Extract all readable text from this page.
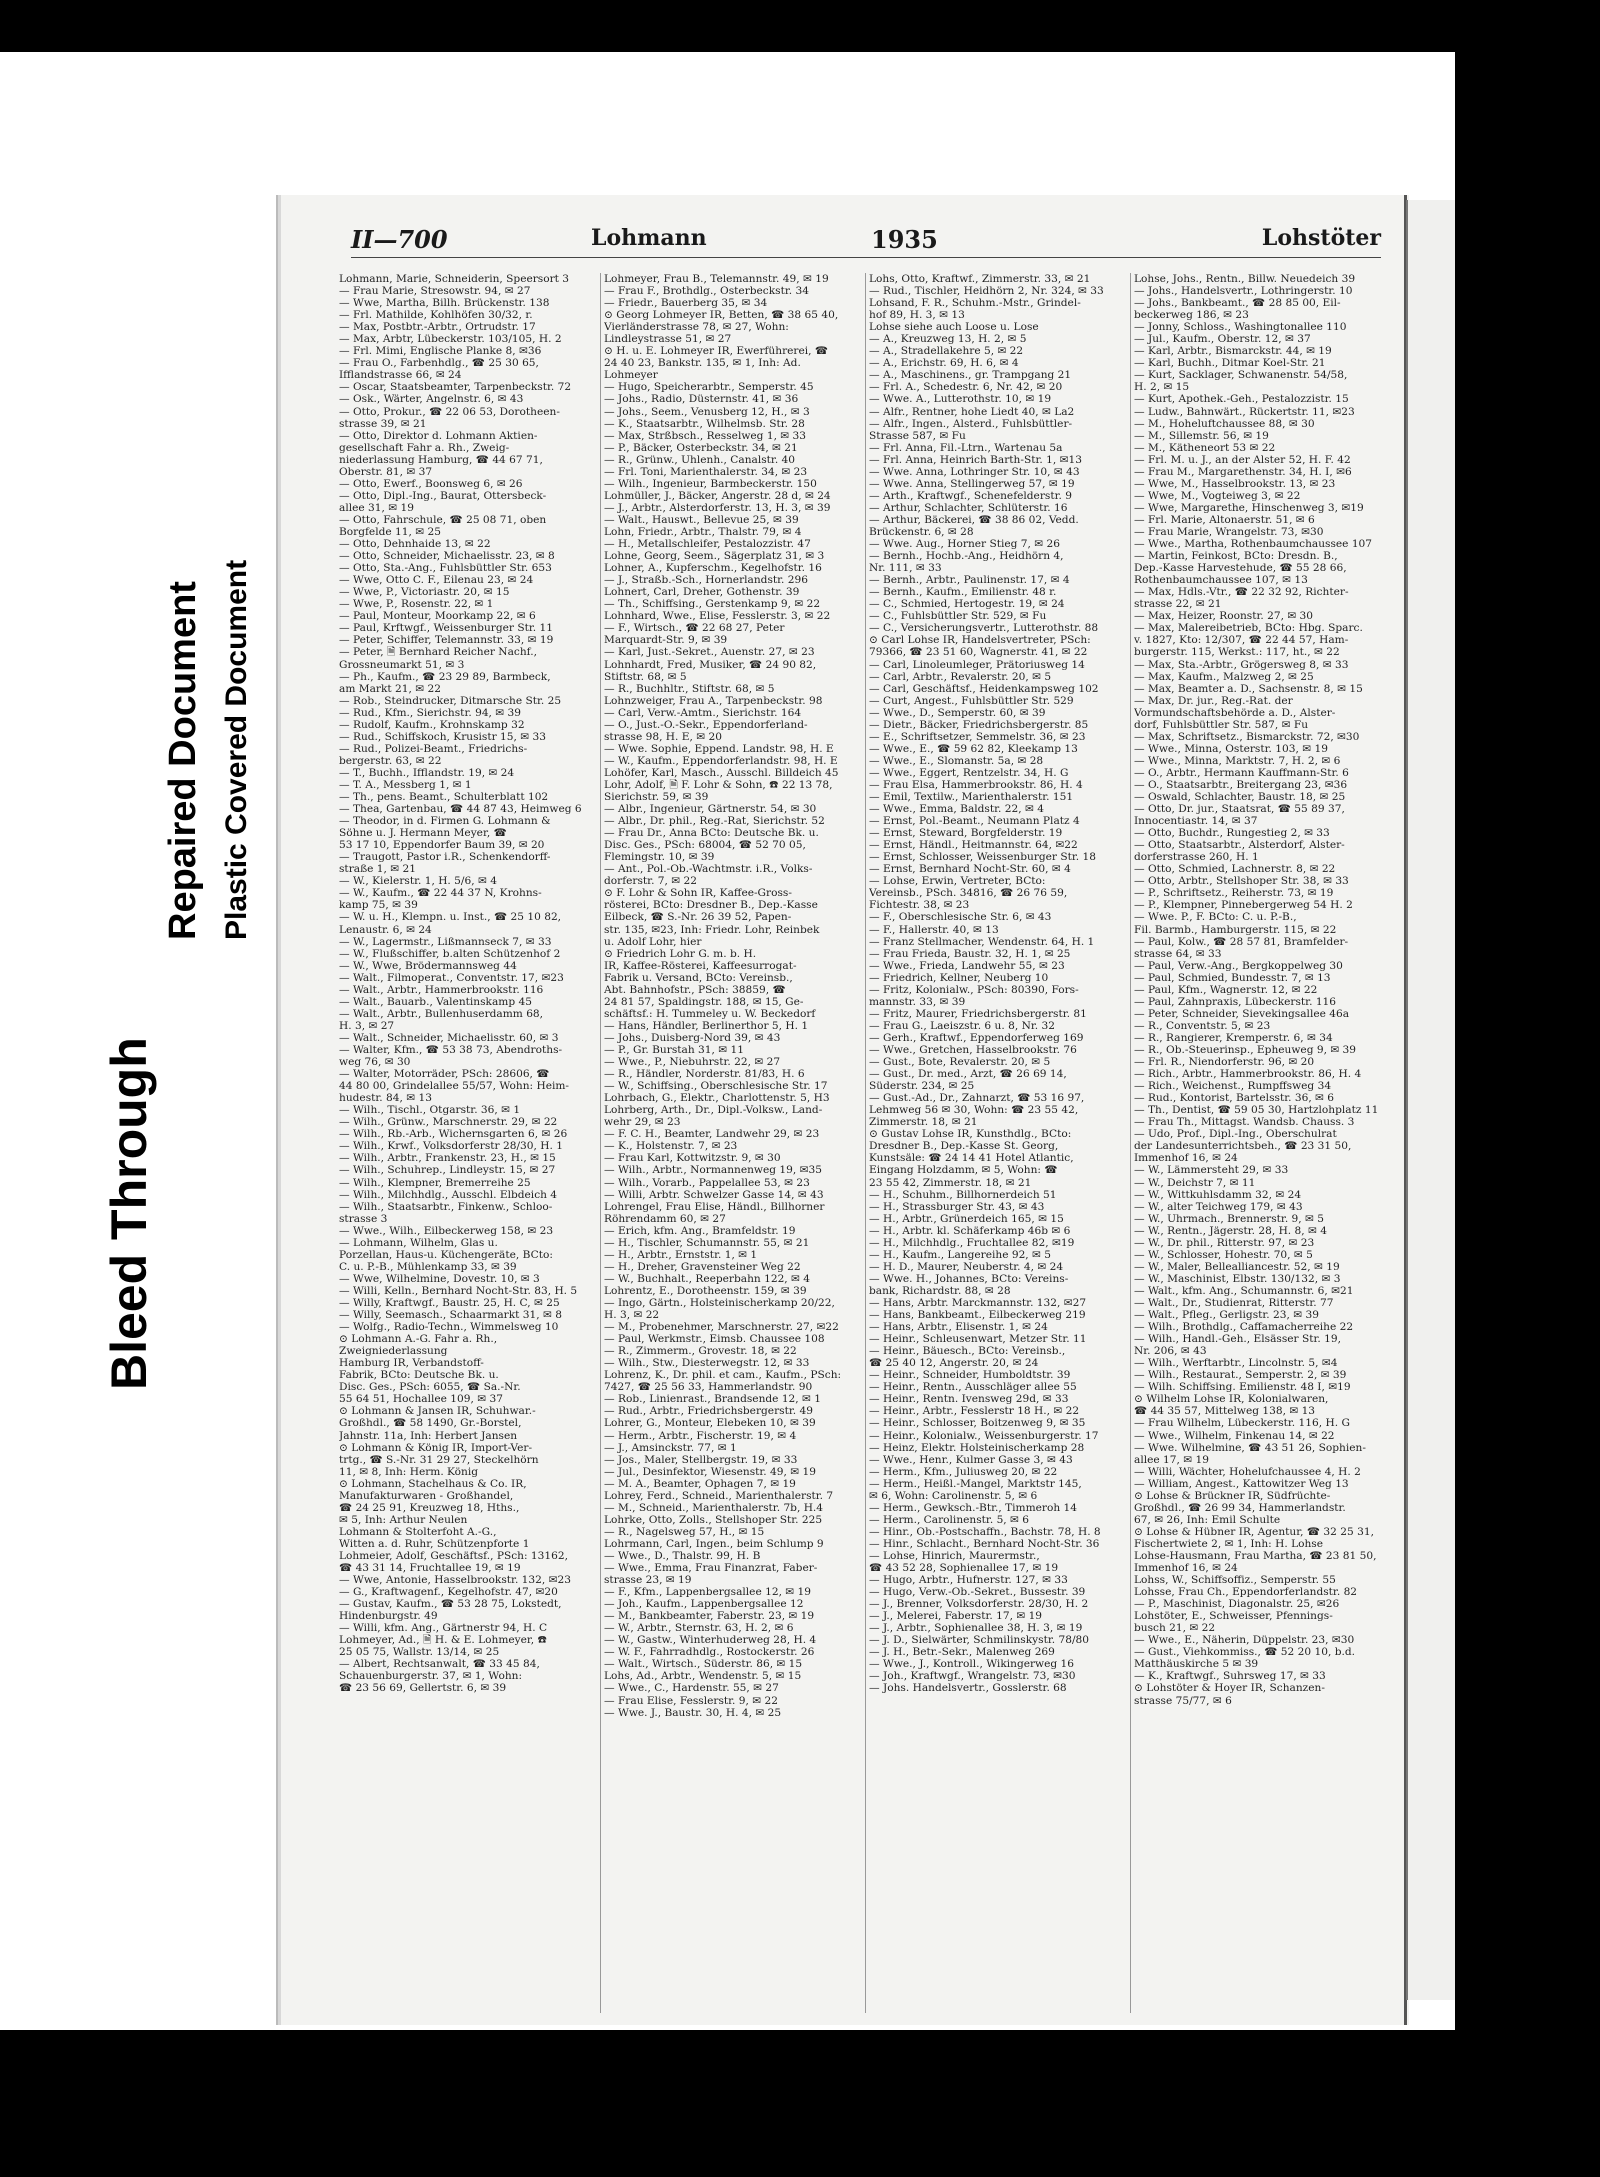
Bleed Through
Repaired Document Plastic Covered Document
II—700	Lohmann	1935	Lohstöter
Lohmann, Marie, Schneiderin, Speersort 3
— Frau Marie, Stresowstr. 94, ✉ 27
— Wwe, Martha, Billh. Brückenstr. 138
— Frl. Mathilde, Kohlhöfen 30/32, r.
— Max, Postbtr.-Arbtr., Ortrudstr. 17
— Max, Arbtr, Lübeckerstr. 103/105, H. 2
— Frl. Mimi, Englische Planke 8, ✉36
— Frau O., Farbenhdlg., ☎ 25 30 65,
Ifflandstrasse 66, ✉ 24
— Oscar, Staatsbeamter, Tarpenbeckstr. 72
— Osk., Wärter, Angelnstr. 6, ✉ 43
— Otto, Prokur., ☎ 22 06 53, Dorotheen-
strasse 39, ✉ 21
— Otto, Direktor d. Lohmann Aktien-
gesellschaft Fahr a. Rh., Zweig-
niederlassung Hamburg, ☎ 44 67 71,
Oberstr. 81, ✉ 37
— Otto, Ewerf., Boonsweg 6, ✉ 26
— Otto, Dipl.-Ing., Baurat, Ottersbeck-
allee 31, ✉ 19
— Otto, Fahrschule, ☎ 25 08 71, oben
Borgfelde 11, ✉ 25
— Otto, Dehnhaide 13, ✉ 22
— Otto, Schneider, Michaelisstr. 23, ✉ 8
— Otto, Sta.-Ang., Fuhlsbüttler Str. 653
— Wwe, Otto C. F., Eilenau 23, ✉ 24
— Wwe, P., Victoriastr. 20, ✉ 15
— Wwe, P., Rosenstr. 22, ✉ 1
— Paul, Monteur, Moorkamp 22, ✉ 6
— Paul, Krftwgf., Weissenburger Str. 11
— Peter, Schiffer, Telemannstr. 33, ✉ 19
— Peter, 🗎 Bernhard Reicher Nachf.,
Grossneumarkt 51, ✉ 3
— Ph., Kaufm., ☎ 23 29 89, Barmbeck,
am Markt 21, ✉ 22
— Rob., Steindrucker, Ditmarsche Str. 25
— Rud., Kfm., Sierichstr. 94, ✉ 39
— Rudolf, Kaufm., Krohnskamp 32
— Rud., Schiffskoch, Krusistr 15, ✉ 33
— Rud., Polizei-Beamt., Friedrichs-
bergerstr. 63, ✉ 22
— T., Buchh., Ifflandstr. 19, ✉ 24
— T. A., Messberg 1, ✉ 1
— Th., pens. Beamt., Schulterblatt 102
— Thea, Gartenbau, ☎ 44 87 43, Heimweg 6
— Theodor, in d. Firmen G. Lohmann &
Söhne u. J. Hermann Meyer, ☎
53 17 10, Eppendorfer Baum 39, ✉ 20
— Traugott, Pastor i.R., Schenkendorff-
straße 1, ✉ 21
— W., Kielerstr. 1, H. 5/6, ✉ 4
— W., Kaufm., ☎ 22 44 37 N, Krohns-
kamp 75, ✉ 39
— W. u. H., Klempn. u. Inst., ☎ 25 10 82,
Lenaustr. 6, ✉ 24
— W., Lagermstr., Lißmannseck 7, ✉ 33
— W., Flußschiffer, b.alten Schützenhof 2
— W., Wwe, Brödermannsweg 44
— Walt., Filmoperat., Conventstr. 17, ✉23
— Walt., Arbtr., Hammerbrookstr. 116
— Walt., Bauarb., Valentinskamp 45
— Walt., Arbtr., Bullenhuserdamm 68,
H. 3, ✉ 27
— Walt., Schneider, Michaelisstr. 60, ✉ 3
— Walter, Kfm., ☎ 53 38 73, Abendroths-
weg 76, ✉ 30
— Walter, Motorräder, PSch: 28606, ☎
44 80 00, Grindelallee 55/57, Wohn: Heim-
hudestr. 84, ✉ 13
— Wilh., Tischl., Otgarstr. 36, ✉ 1
— Wilh., Grünw., Marschnerstr. 29, ✉ 22
— Wilh., Rb.-Arb., Wichernsgarten 6, ✉ 26
— Wilh., Krwf., Volksdorferstr 28/30, H. 1
— Wilh., Arbtr., Frankenstr. 23, H., ✉ 15
— Wilh., Schuhrep., Lindleystr. 15, ✉ 27
— Wilh., Klempner, Bremerreihe 25
— Wilh., Milchhdlg., Ausschl. Elbdeich 4
— Wilh., Staatsarbtr., Finkenw., Schloo-
strasse 3
— Wwe., Wilh., Eilbeckerweg 158, ✉ 23
— Lohmann, Wilhelm, Glas u.
Porzellan, Haus-u. Küchengeräte, BCto:
C. u. P.-B., Mühlenkamp 33, ✉ 39
— Wwe, Wilhelmine, Dovestr. 10, ✉ 3
— Willi, Kelln., Bernhard Nocht-Str. 83, H. 5
— Willy, Kraftwgf., Baustr. 25, H. C, ✉ 25
— Willy, Seemasch., Schaarmarkt 31, ✉ 8
— Wolfg., Radio-Techn., Wimmelsweg 10
⊙ Lohmann A.-G. Fahr a. Rh.,
Zweigniederlassung
Hamburg IR, Verbandstoff-
Fabrik, BCto: Deutsche Bk. u.
Disc. Ges., PSch: 6055, ☎ Sa.-Nr.
55 64 51, Hochallee 109, ✉ 37
⊙ Lohmann & Jansen IR, Schuhwar.-
Großhdl., ☎ 58 1490, Gr.-Borstel,
Jahnstr. 11a, Inh: Herbert Jansen
⊙ Lohmann & König IR, Import-Ver-
trtg., ☎ S.-Nr. 31 29 27, Steckelhörn
11, ✉ 8, Inh: Herm. König
⊙ Lohmann, Stachelhaus & Co. IR,
Manufakturwaren - Großhandel,
☎ 24 25 91, Kreuzweg 18, Hths.,
✉ 5, Inh: Arthur Neulen
Lohmann & Stolterfoht A.-G.,
Witten a. d. Ruhr, Schützenpforte 1
Lohmeier, Adolf, Geschäftsf., PSch: 13162,
☎ 43 31 14, Fruchtallee 19, ✉ 19
— Wwe, Antonie, Hasselbrookstr. 132, ✉23
— G., Kraftwagenf., Kegelhofstr. 47, ✉20
— Gustav, Kaufm., ☎ 53 28 75, Lokstedt,
Hindenburgstr. 49
— Willi, kfm. Ang., Gärtnerstr 94, H. C
Lohmeyer, Ad., 🗎 H. & E. Lohmeyer, ☎
25 05 75, Wallstr. 13/14, ✉ 25
— Albert, Rechtsanwalt, ☎ 33 45 84,
Schauenburgerstr. 37, ✉ 1, Wohn:
☎ 23 56 69, Gellertstr. 6, ✉ 39
Lohmeyer, Frau B., Telemannstr. 49, ✉ 19
— Frau F., Brothdlg., Osterbeckstr. 34
— Friedr., Bauerberg 35, ✉ 34
⊙ Georg Lohmeyer IR, Betten, ☎ 38 65 40,
Vierländerstrasse 78, ✉ 27, Wohn:
Lindleystrasse 51, ✉ 27
⊙ H. u. E. Lohmeyer IR, Ewerführerei, ☎
24 40 23, Bankstr. 135, ✉ 1, Inh: Ad.
Lohmeyer
— Hugo, Speicherarbtr., Semperstr. 45
— Johs., Radio, Düsternstr. 41, ✉ 36
— Johs., Seem., Venusberg 12, H., ✉ 3
— K., Staatsarbtr., Wilhelmsb. Str. 28
— Max, Strßbsch., Resselweg 1, ✉ 33
— P., Bäcker, Osterbeckstr. 34, ✉ 21
— R., Grünw., Uhlenh., Canalstr. 40
— Frl. Toni, Marienthalerstr. 34, ✉ 23
— Wilh., Ingenieur, Barmbeckerstr. 150
Lohmüller, J., Bäcker, Angerstr. 28 d, ✉ 24
— J., Arbtr., Alsterdorferstr. 13, H. 3, ✉ 39
— Walt., Hauswt., Bellevue 25, ✉ 39
Lohn, Friedr., Arbtr., Thalstr. 79, ✉ 4
— H., Metallschleifer, Pestalozzistr. 47
Lohne, Georg, Seem., Sägerplatz 31, ✉ 3
Lohner, A., Kupferschm., Kegelhofstr. 16
— J., Straßb.-Sch., Hornerlandstr. 296
Lohnert, Carl, Dreher, Gothenstr. 39
— Th., Schiffsing., Gerstenkamp 9, ✉ 22
Lohnhard, Wwe., Elise, Fesslerstr. 3, ✉ 22
— F., Wirtsch., ☎ 22 68 27, Peter
Marquardt-Str. 9, ✉ 39
— Karl, Just.-Sekret., Auenstr. 27, ✉ 23
Lohnhardt, Fred, Musiker, ☎ 24 90 82,
Stiftstr. 68, ✉ 5
— R., Buchhltr., Stiftstr. 68, ✉ 5
Lohnzweiger, Frau A., Tarpenbeckstr. 98
— Carl, Verw.-Amtm., Sierichstr. 164
— O., Just.-O.-Sekr., Eppendorferland-
strasse 98, H. E, ✉ 20
— Wwe. Sophie, Eppend. Landstr. 98, H. E
— W., Kaufm., Eppendorferlandstr. 98, H. E
Lohöfer, Karl, Masch., Ausschl. Billdeich 45
Lohr, Adolf, 🗎 F. Lohr & Sohn, ☎ 22 13 78,
Sierichstr. 59, ✉ 39
— Albr., Ingenieur, Gärtnerstr. 54, ✉ 30
— Albr., Dr. phil., Reg.-Rat, Sierichstr. 52
— Frau Dr., Anna BCto: Deutsche Bk. u.
Disc. Ges., PSch: 68004, ☎ 52 70 05,
Flemingstr. 10, ✉ 39
— Ant., Pol.-Ob.-Wachtmstr. i.R., Volks-
dorferstr. 7, ✉ 22
⊙ F. Lohr & Sohn IR, Kaffee-Gross-
rösterei, BCto: Dresdner B., Dep.-Kasse
Eilbeck, ☎ S.-Nr. 26 39 52, Papen-
str. 135, ✉23, Inh: Friedr. Lohr, Reinbek
u. Adolf Lohr, hier
⊙ Friedrich Lohr G. m. b. H.
IR, Kaffee-Rösterei, Kaffeesurrogat-
Fabrik u. Versand, BCto: Vereinsb.,
Abt. Bahnhofstr., PSch: 38859, ☎
24 81 57, Spaldingstr. 188, ✉ 15, Ge-
schäftsf.: H. Tummeley u. W. Beckedorf
— Hans, Händler, Berlinerthor 5, H. 1
— Johs., Duisberg-Nord 39, ✉ 43
— P., Gr. Burstah 31, ✉ 11
— Wwe., P., Niebuhrstr. 22, ✉ 27
— R., Händler, Norderstr. 81/83, H. 6
— W., Schiffsing., Oberschlesische Str. 17
Lohrbach, G., Elektr., Charlottenstr. 5, H3
Lohrberg, Arth., Dr., Dipl.-Volksw., Land-
wehr 29, ✉ 23
— F. C. H., Beamter, Landwehr 29, ✉ 23
— K., Holstenstr. 7, ✉ 23
— Frau Karl, Kottwitzstr. 9, ✉ 30
— Wilh., Arbtr., Normannenweg 19, ✉35
— Wilh., Vorarb., Pappelallee 53, ✉ 23
— Willi, Arbtr. Schwelzer Gasse 14, ✉ 43
Lohrengel, Frau Elise, Händl., Billhorner
Röhrendamm 60, ✉ 27
— Erich, kfm. Ang., Bramfeldstr. 19
— H., Tischler, Schumannstr. 55, ✉ 21
— H., Arbtr., Ernststr. 1, ✉ 1
— H., Dreher, Gravensteiner Weg 22
— W., Buchhalt., Reeperbahn 122, ✉ 4
Lohrentz, E., Dorotheenstr. 159, ✉ 39
— Ingo, Gärtn., Holsteinischerkamp 20/22,
H. 3, ✉ 22
— M., Probenehmer, Marschnerstr. 27, ✉22
— Paul, Werkmstr., Eimsb. Chaussee 108
— R., Zimmerm., Grovestr. 18, ✉ 22
— Wilh., Stw., Diesterwegstr. 12, ✉ 33
Lohrenz, K., Dr. phil. et cam., Kaufm., PSch:
7427, ☎ 25 56 33, Hammerlandstr. 90
— Rob., Linienrast., Brandsende 12, ✉ 1
— Rud., Arbtr., Friedrichsbergerstr. 49
Lohrer, G., Monteur, Elebeken 10, ✉ 39
— Herm., Arbtr., Fischerstr. 19, ✉ 4
— J., Amsinckstr. 77, ✉ 1
— Jos., Maler, Stellbergstr. 19, ✉ 33
— Jul., Desinfektor, Wiesenstr. 49, ✉ 19
— M. A., Beamter, Ophagen 7, ✉ 19
Lohrey, Ferd., Schneid., Marienthalerstr. 7
— M., Schneid., Marienthalerstr. 7b, H.4
Lohrke, Otto, Zolls., Stellshoper Str. 225
— R., Nagelsweg 57, H., ✉ 15
Lohrmann, Carl, Ingen., beim Schlump 9
— Wwe., D., Thalstr. 99, H. B
— Wwe., Emma, Frau Finanzrat, Faber-
strasse 23, ✉ 19
— F., Kfm., Lappenbergsallee 12, ✉ 19
— Joh., Kaufm., Lappenbergsallee 12
— M., Bankbeamter, Faberstr. 23, ✉ 19
— W., Arbtr., Sternstr. 63, H. 2, ✉ 6
— W., Gastw., Winterhuderweg 28, H. 4
— W. F., Fahrradhdlg., Rostockerstr. 26
— Walt., Wirtsch., Süderstr. 86, ✉ 15
Lohs, Ad., Arbtr., Wendenstr. 5, ✉ 15
— Wwe., C., Hardenstr. 55, ✉ 27
— Frau Elise, Fesslerstr. 9, ✉ 22
— Wwe. J., Baustr. 30, H. 4, ✉ 25
Lohs, Otto, Kraftwf., Zimmerstr. 33, ✉ 21
— Rud., Tischler, Heidhörn 2, Nr. 324, ✉ 33
Lohsand, F. R., Schuhm.-Mstr., Grindel-
hof 89, H. 3, ✉ 13
Lohse siehe auch Loose u. Lose
— A., Kreuzweg 13, H. 2, ✉ 5
— A., Stradellakehre 5, ✉ 22
— A., Erichstr. 69, H. 6, ✉ 4
— A., Maschinens., gr. Trampgang 21
— Frl. A., Schedestr. 6, Nr. 42, ✉ 20
— Wwe. A., Lutterothstr. 10, ✉ 19
— Alfr., Rentner, hohe Liedt 40, ✉ La2
— Alfr., Ingen., Alsterd., Fuhlsbüttler-
Strasse 587, ✉ Fu
— Frl. Anna, Fil.-Ltrn., Wartenau 5a
— Frl. Anna, Heinrich Barth-Str. 1, ✉13
— Wwe. Anna, Lothringer Str. 10, ✉ 43
— Wwe. Anna, Stellingerweg 57, ✉ 19
— Arth., Kraftwgf., Schenefelderstr. 9
— Arthur, Schlachter, Schlüterstr. 16
— Arthur, Bäckerei, ☎ 38 86 02, Vedd.
Brückenstr. 6, ✉ 28
— Wwe. Aug., Horner Stieg 7, ✉ 26
— Bernh., Hochb.-Ang., Heidhörn 4,
Nr. 111, ✉ 33
— Bernh., Arbtr., Paulinenstr. 17, ✉ 4
— Bernh., Kaufm., Emilienstr. 48 r.
— C., Schmied, Hertogestr. 19, ✉ 24
— C., Fuhlsbüttler Str. 529, ✉ Fu
— C., Versicherungsvertr., Lutterothstr. 88
⊙ Carl Lohse IR, Handelsvertreter, PSch:
79366, ☎ 23 51 60, Wagnerstr. 41, ✉ 22
— Carl, Linoleumleger, Prätoriusweg 14
— Carl, Arbtr., Revalerstr. 20, ✉ 5
— Carl, Geschäftsf., Heidenkampsweg 102
— Curt, Angest., Fuhlsbüttler Str. 529
— Wwe., D., Semperstr. 60, ✉ 39
— Dietr., Bäcker, Friedrichsbergerstr. 85
— E., Schriftsetzer, Semmelstr. 36, ✉ 23
— Wwe., E., ☎ 59 62 82, Kleekamp 13
— Wwe., E., Slomanstr. 5a, ✉ 28
— Wwe., Eggert, Rentzelstr. 34, H. G
— Frau Elsa, Hammerbrookstr. 86, H. 4
— Emil, Textilw., Marienthalerstr. 151
— Wwe., Emma, Baldstr. 22, ✉ 4
— Ernst, Pol.-Beamt., Neumann Platz 4
— Ernst, Steward, Borgfelderstr. 19
— Ernst, Händl., Heitmannstr. 64, ✉22
— Ernst, Schlosser, Weissenburger Str. 18
— Ernst, Bernhard Nocht-Str. 60, ✉ 4
— Lohse, Erwin, Vertreter, BCto:
Vereinsb., PSch. 34816, ☎ 26 76 59,
Fichtestr. 38, ✉ 23
— F., Oberschlesische Str. 6, ✉ 43
— F., Hallerstr. 40, ✉ 13
— Franz Stellmacher, Wendenstr. 64, H. 1
— Frau Frieda, Baustr. 32, H. 1, ✉ 25
— Wwe., Frieda, Landwehr 55, ✉ 23
— Friedrich, Kellner, Neuberg 10
— Fritz, Kolonialw., PSch: 80390, Fors-
mannstr. 33, ✉ 39
— Fritz, Maurer, Friedrichsbergerstr. 81
— Frau G., Laeiszstr. 6 u. 8, Nr. 32
— Gerh., Kraftwf., Eppendorferweg 169
— Wwe., Gretchen, Hasselbrookstr. 76
— Gust., Bote, Revalerstr. 20, ✉ 5
— Gust., Dr. med., Arzt, ☎ 26 69 14,
Süderstr. 234, ✉ 25
— Gust.-Ad., Dr., Zahnarzt, ☎ 53 16 97,
Lehmweg 56 ✉ 30, Wohn: ☎ 23 55 42,
Zimmerstr. 18, ✉ 21
⊙ Gustav Lohse IR, Kunsthdlg., BCto:
Dresdner B., Dep.-Kasse St. Georg,
Kunstsäle: ☎ 24 14 41 Hotel Atlantic,
Eingang Holzdamm, ✉ 5, Wohn: ☎
23 55 42, Zimmerstr. 18, ✉ 21
— H., Schuhm., Billhornerdeich 51
— H., Strassburger Str. 43, ✉ 43
— H., Arbtr., Grünerdeich 165, ✉ 15
— H., Arbtr. kl. Schäferkamp 46b ✉ 6
— H., Milchhdlg., Fruchtallee 82, ✉19
— H., Kaufm., Langereihe 92, ✉ 5
— H. D., Maurer, Neuberstr. 4, ✉ 24
— Wwe. H., Johannes, BCto: Vereins-
bank, Richardstr. 88, ✉ 28
— Hans, Arbtr. Marckmannstr. 132, ✉27
— Hans, Bankbeamt., Eilbeckerweg 219
— Hans, Arbtr., Elisenstr. 1, ✉ 24
— Heinr., Schleusenwart, Metzer Str. 11
— Heinr., Bäuesch., BCto: Vereinsb.,
☎ 25 40 12, Angerstr. 20, ✉ 24
— Heinr., Schneider, Humboldtstr. 39
— Heinr., Rentn., Ausschläger allee 55
— Heinr., Rentn. Ivensweg 29d, ✉ 33
— Heinr., Arbtr., Fesslerstr 18 H., ✉ 22
— Heinr., Schlosser, Boitzenweg 9, ✉ 35
— Heinr., Kolonialw., Weissenburgerstr. 17
— Heinz, Elektr. Holsteinischerkamp 28
— Wwe., Henr., Kulmer Gasse 3, ✉ 43
— Herm., Kfm., Juliusweg 20, ✉ 22
— Herm., Heißl.-Mangel, Marktstr 145,
✉ 6, Wohn: Carolinenstr. 5, ✉ 6
— Herm., Gewksch.-Btr., Timmeroh 14
— Herm., Carolinenstr. 5, ✉ 6
— Hinr., Ob.-Postschaffn., Bachstr. 78, H. 8
— Hinr., Schlacht., Bernhard Nocht-Str. 36
— Lohse, Hinrich, Maurermstr.,
☎ 43 52 28, Sophienallee 17, ✉ 19
— Hugo, Arbtr., Hufnerstr. 127, ✉ 33
— Hugo, Verw.-Ob.-Sekret., Bussestr. 39
— J., Brenner, Volksdorferstr. 28/30, H. 2
— J., Melerei, Faberstr. 17, ✉ 19
— J., Arbtr., Sophienallee 38, H. 3, ✉ 19
— J. D., Sielwärter, Schmilinskystr. 78/80
— J. H., Betr.-Sekr., Malenweg 269
— Wwe., J., Kontroll., Wikingerweg 16
— Joh., Kraftwgf., Wrangelstr. 73, ✉30
— Johs. Handelsvertr., Gosslerstr. 68
Lohse, Johs., Rentn., Billw. Neuedeich 39
— Johs., Handelsvertr., Lothringerstr. 10
— Johs., Bankbeamt., ☎ 28 85 00, Eil-
beckerweg 186, ✉ 23
— Jonny, Schloss., Washingtonallee 110
— Jul., Kaufm., Oberstr. 12, ✉ 37
— Karl, Arbtr., Bismarckstr. 44, ✉ 19
— Karl, Buchh., Ditmar Koel-Str. 21
— Kurt, Sacklager, Schwanenstr. 54/58,
H. 2, ✉ 15
— Kurt, Apothek.-Geh., Pestalozzistr. 15
— Ludw., Bahnwärt., Rückertstr. 11, ✉23
— M., Hoheluftchaussee 88, ✉ 30
— M., Sillemstr. 56, ✉ 19
— M., Kätheneort 53 ✉ 22
— Frl. M. u. J., an der Alster 52, H. F. 42
— Frau M., Margarethenstr. 34, H. I, ✉6
— Wwe, M., Hasselbrookstr. 13, ✉ 23
— Wwe, M., Vogteiweg 3, ✉ 22
— Wwe, Margarethe, Hinschenweg 3, ✉19
— Frl. Marie, Altonaerstr. 51, ✉ 6
— Frau Marie, Wrangelstr. 73, ✉30
— Wwe., Martha, Rothenbaumchaussee 107
— Martin, Feinkost, BCto: Dresdn. B.,
Dep.-Kasse Harvestehude, ☎ 55 28 66,
Rothenbaumchaussee 107, ✉ 13
— Max, Hdls.-Vtr., ☎ 22 32 92, Richter-
strasse 22, ✉ 21
— Max, Heizer, Roonstr. 27, ✉ 30
— Max, Malereibetrieb, BCto: Hbg. Sparc.
v. 1827, Kto: 12/307, ☎ 22 44 57, Ham-
burgerstr. 115, Werkst.: 117, ht., ✉ 22
— Max, Sta.-Arbtr., Grögersweg 8, ✉ 33
— Max, Kaufm., Malzweg 2, ✉ 25
— Max, Beamter a. D., Sachsenstr. 8, ✉ 15
— Max, Dr. jur., Reg.-Rat. der
Vormundschaftsbehörde a. D., Alster-
dorf, Fuhlsbüttler Str. 587, ✉ Fu
— Max, Schriftsetz., Bismarckstr. 72, ✉30
— Wwe., Minna, Osterstr. 103, ✉ 19
— Wwe., Minna, Marktstr. 7, H. 2, ✉ 6
— O., Arbtr., Hermann Kauffmann-Str. 6
— O., Staatsarbtr., Breitergang 23, ✉36
— Oswald, Schlachter, Baustr. 18, ✉ 25
— Otto, Dr. jur., Staatsrat, ☎ 55 89 37,
Innocentiastr. 14, ✉ 37
— Otto, Buchdr., Rungestieg 2, ✉ 33
— Otto, Staatsarbtr., Alsterdorf, Alster-
dorferstrasse 260, H. 1
— Otto, Schmied, Lachnerstr. 8, ✉ 22
— Otto, Arbtr., Stellshoper Str. 38, ✉ 33
— P., Schriftsetz., Reiherstr. 73, ✉ 19
— P., Klempner, Pinnebergerweg 54 H. 2
— Wwe. P., F. BCto: C. u. P.-B.,
Fil. Barmb., Hamburgerstr. 115, ✉ 22
— Paul, Kolw., ☎ 28 57 81, Bramfelder-
strasse 64, ✉ 33
— Paul, Verw.-Ang., Bergkoppelweg 30
— Paul, Schmied, Bundesstr. 7, ✉ 13
— Paul, Kfm., Wagnerstr. 12, ✉ 22
— Paul, Zahnpraxis, Lübeckerstr. 116
— Peter, Schneider, Sievekingsallee 46a
— R., Conventstr. 5, ✉ 23
— R., Rangierer, Kremperstr. 6, ✉ 34
— R., Ob.-Steuerinsp., Epheuweg 9, ✉ 39
— Frl. R., Niendorferstr. 96, ✉ 20
— Rich., Arbtr., Hammerbrookstr. 86, H. 4
— Rich., Weichenst., Rumpffsweg 34
— Rud., Kontorist, Bartelsstr. 36, ✉ 6
— Th., Dentist, ☎ 59 05 30, Hartzlohplatz 11
— Frau Th., Mittagst. Wandsb. Chauss. 3
— Udo, Prof., Dipl.-Ing., Oberschulrat
der Landesunterrichtsbeh., ☎ 23 31 50,
Immenhof 16, ✉ 24
— W., Lämmersteht 29, ✉ 33
— W., Deichstr 7, ✉ 11
— W., Wittkuhlsdamm 32, ✉ 24
— W., alter Teichweg 179, ✉ 43
— W., Uhrmach., Brennerstr. 9, ✉ 5
— W., Rentn., Jägerstr. 28, H. 8, ✉ 4
— W., Dr. phil., Ritterstr. 97, ✉ 23
— W., Schlosser, Hohestr. 70, ✉ 5
— W., Maler, Bellealliancestr. 52, ✉ 19
— W., Maschinist, Elbstr. 130/132, ✉ 3
— Walt., kfm. Ang., Schumannstr. 6, ✉21
— Walt., Dr., Studienrat, Ritterstr. 77
— Walt., Pfleg., Gerligstr. 23, ✉ 39
— Wilh., Brothdlg., Caffamacherreihe 22
— Wilh., Handl.-Geh., Elsässer Str. 19,
Nr. 206, ✉ 43
— Wilh., Werftarbtr., Lincolnstr. 5, ✉4
— Wilh., Restaurat., Semperstr. 2, ✉ 39
— Wilh. Schiffsing. Emilienstr. 48 I, ✉19
⊙ Wilhelm Lohse IR, Kolonialwaren,
☎ 44 35 57, Mittelweg 138, ✉ 13
— Frau Wilhelm, Lübeckerstr. 116, H. G
— Wwe., Wilhelm, Finkenau 14, ✉ 22
— Wwe. Wilhelmine, ☎ 43 51 26, Sophien-
allee 17, ✉ 19
— Willi, Wächter, Hohelufchaussee 4, H. 2
— William, Angest., Kattowitzer Weg 13
⊙ Lohse & Brückner IR, Südfrüchte-
Großhdl., ☎ 26 99 34, Hammerlandstr.
67, ✉ 26, Inh: Emil Schulte
⊙ Lohse & Hübner IR, Agentur, ☎ 32 25 31,
Fischertwiete 2, ✉ 1, Inh: H. Lohse
Lohse-Hausmann, Frau Martha, ☎ 23 81 50,
Immenhof 16, ✉ 24
Lohss, W., Schiffsoffiz., Semperstr. 55
Lohsse, Frau Ch., Eppendorferlandstr. 82
— P., Maschinist, Diagonalstr. 25, ✉26
Lohstöter, E., Schweisser, Pfennings-
busch 21, ✉ 22
— Wwe., E., Näherin, Düppelstr. 23, ✉30
— Gust., Viehkommiss., ☎ 52 20 10, b.d.
Matthäuskirche 5 ✉ 39
— K., Kraftwgf., Suhrsweg 17, ✉ 33
⊙ Lohstöter & Hoyer IR, Schanzen-
strasse 75/77, ✉ 6
